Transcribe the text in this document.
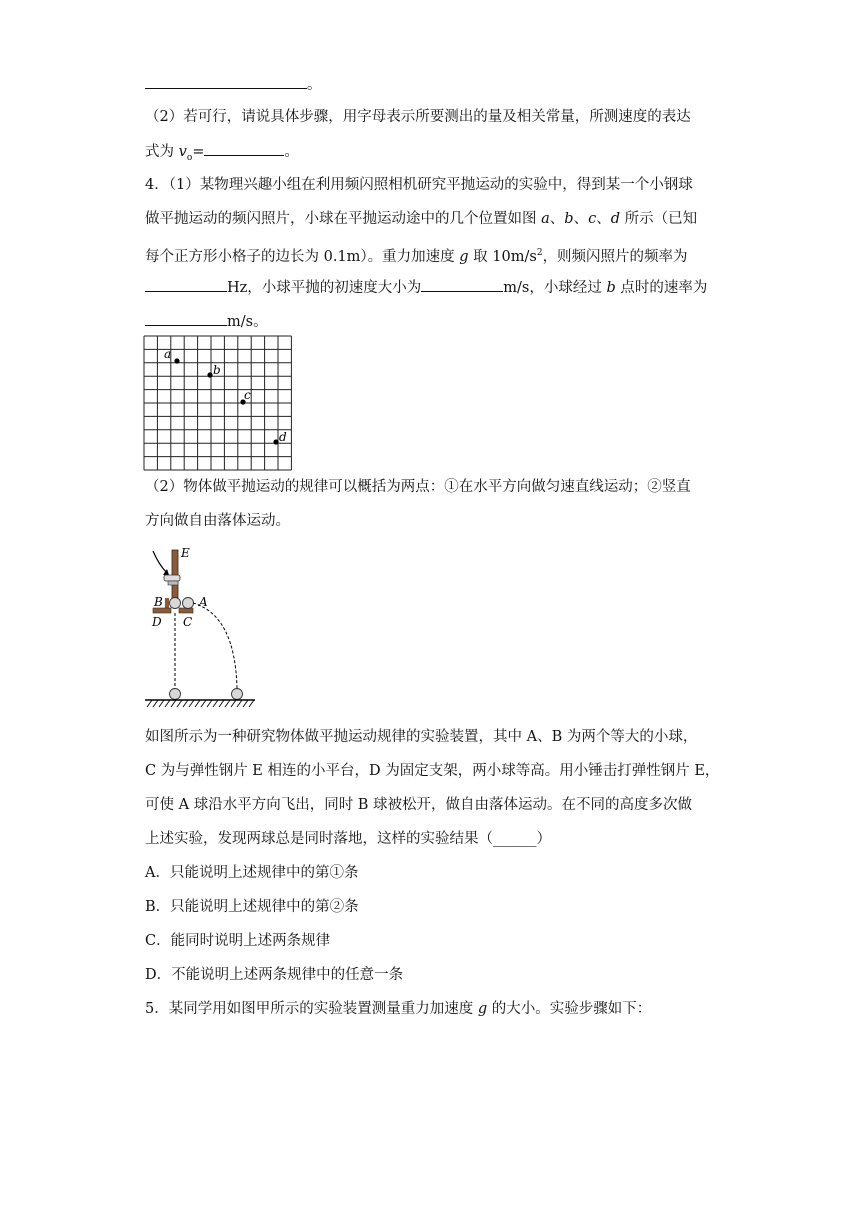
。
（2）若可行，请说具体步骤，用字母表示所要测出的量及相关常量，所测速度的表达
式为 $v_o=$	。
4．（1）某物理兴趣小组在利用频闪照相机研究平抛运动的实验中，得到某一个小钢球
做平抛运动的频闪照片，小球在平抛运动途中的几个位置如图 a、b、c、d 所示（已知
每个正方形小格子的边长为 0.1m）。重力加速度 g 取 $10m/s^2$，则频闪照片的频率为
Hz，小球平抛的初速度大小为	m/s，小球经过 b 点时的速率为
m/s。
a
b
c
d
（2）物体做平抛运动的规律可以概括为两点：①在水平方向做匀速直线运动；②竖直
方向做自由落体运动。
E
B	A
D C
如图所示为一种研究物体做平抛运动规律的实验装置，其中 A、B 为两个等大的小球，
C 为与弹性钢片 E 相连的小平台，D 为固定支架，两小球等高。用小锤击打弹性钢片 E，
可使 A 球沿水平方向飞出，同时 B 球被松开，做自由落体运动。在不同的高度多次做
上述实验，发现两球总是同时落地，这样的实验结果（______）
A．只能说明上述规律中的第①条
B．只能说明上述规律中的第②条
C．能同时说明上述两条规律
D．不能说明上述两条规律中的任意一条
5．某同学用如图甲所示的实验装置测量重力加速度 g 的大小。实验步骤如下：
